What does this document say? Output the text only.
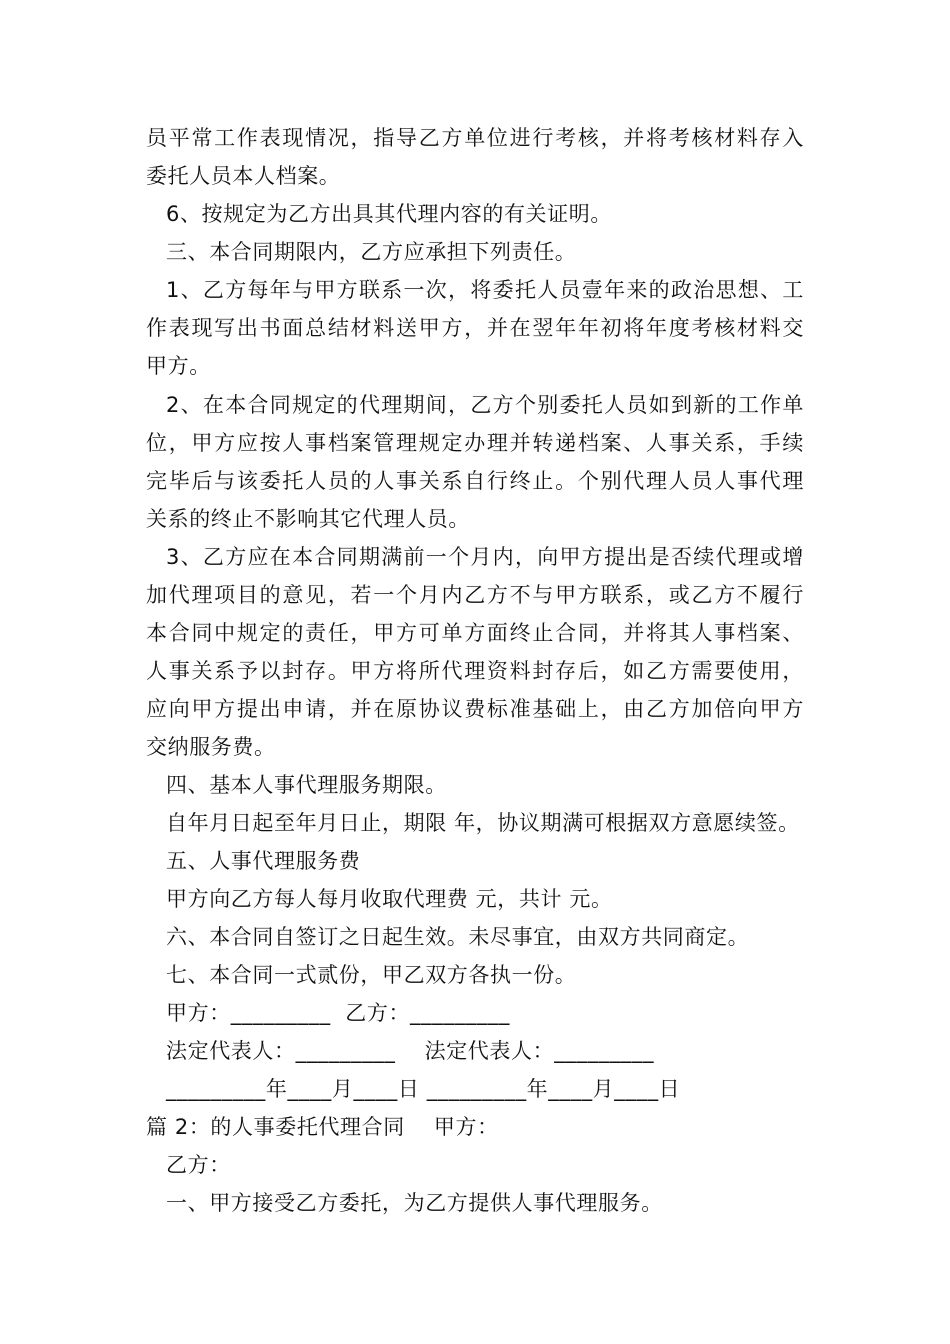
员平常工作表现情况，指导乙方单位进行考核，并将考核材料存入
委托人员本人档案。
6、按规定为乙方出具其代理内容的有关证明。
三、本合同期限内，乙方应承担下列责任。
1、乙方每年与甲方联系一次，将委托人员壹年来的政治思想、工
作表现写出书面总结材料送甲方，并在翌年年初将年度考核材料交
甲方。
2、在本合同规定的代理期间，乙方个别委托人员如到新的工作单
位，甲方应按人事档案管理规定办理并转递档案、人事关系，手续
完毕后与该委托人员的人事关系自行终止。个别代理人员人事代理
关系的终止不影响其它代理人员。
3、乙方应在本合同期满前一个月内，向甲方提出是否续代理或增
加代理项目的意见，若一个月内乙方不与甲方联系，或乙方不履行
本合同中规定的责任，甲方可单方面终止合同，并将其人事档案、
人事关系予以封存。甲方将所代理资料封存后，如乙方需要使用，
应向甲方提出申请，并在原协议费标准基础上，由乙方加倍向甲方
交纳服务费。
四、基本人事代理服务期限。
自年月日起至年月日止，期限 年，协议期满可根据双方意愿续签。
五、人事代理服务费
甲方向乙方每人每月收取代理费 元，共计 元。
六、本合同自签订之日起生效。未尽事宜，由双方共同商定。
七、本合同一式贰份，甲乙双方各执一份。
甲方：_________  乙方：_________
法定代表人：_________    法定代表人：_________
_________年____月____日 _________年____月____日
篇 2：的人事委托代理合同    甲方：
乙方：
一、甲方接受乙方委托，为乙方提供人事代理服务。
